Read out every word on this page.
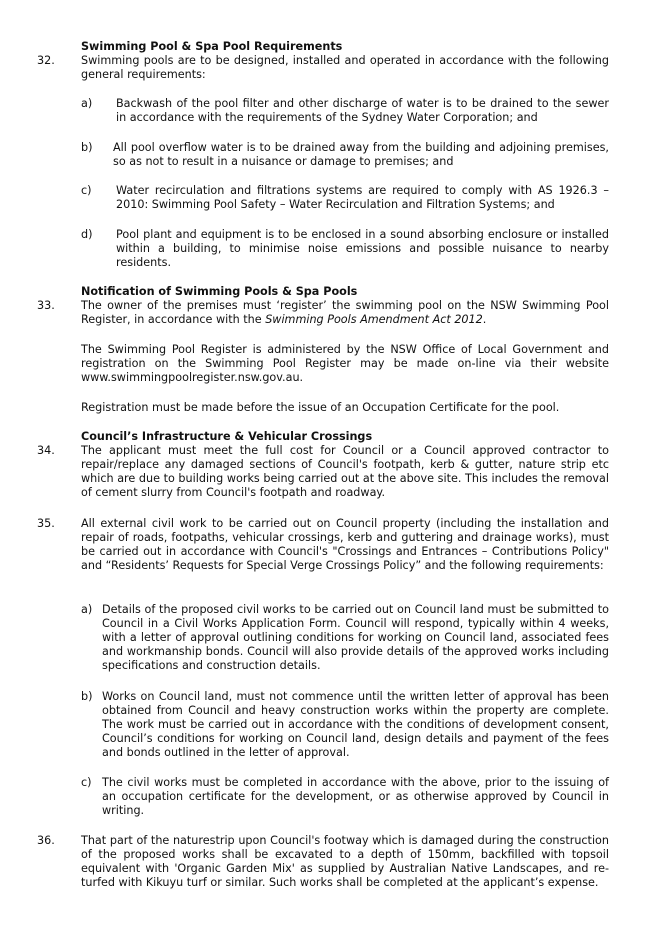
Swimming Pool & Spa Pool Requirements
32. Swimming pools are to be designed, installed and operated in accordance with the following general requirements:
a) Backwash of the pool filter and other discharge of water is to be drained to the sewer in accordance with the requirements of the Sydney Water Corporation; and
b) All pool overflow water is to be drained away from the building and adjoining premises, so as not to result in a nuisance or damage to premises; and
c) Water recirculation and filtrations systems are required to comply with AS 1926.3 – 2010: Swimming Pool Safety – Water Recirculation and Filtration Systems; and
d) Pool plant and equipment is to be enclosed in a sound absorbing enclosure or installed within a building, to minimise noise emissions and possible nuisance to nearby residents.
Notification of Swimming Pools & Spa Pools
33. The owner of the premises must ‘register’ the swimming pool on the NSW Swimming Pool Register, in accordance with the Swimming Pools Amendment Act 2012.
The Swimming Pool Register is administered by the NSW Office of Local Government and registration on the Swimming Pool Register may be made on-line via their website www.swimmingpoolregister.nsw.gov.au.
Registration must be made before the issue of an Occupation Certificate for the pool.
Council’s Infrastructure & Vehicular Crossings
34. The applicant must meet the full cost for Council or a Council approved contractor to repair/replace any damaged sections of Council's footpath, kerb & gutter, nature strip etc which are due to building works being carried out at the above site. This includes the removal of cement slurry from Council's footpath and roadway.
35. All external civil work to be carried out on Council property (including the installation and repair of roads, footpaths, vehicular crossings, kerb and guttering and drainage works), must be carried out in accordance with Council's "Crossings and Entrances – Contributions Policy" and “Residents’ Requests for Special Verge Crossings Policy” and the following requirements:
a) Details of the proposed civil works to be carried out on Council land must be submitted to Council in a Civil Works Application Form. Council will respond, typically within 4 weeks, with a letter of approval outlining conditions for working on Council land, associated fees and workmanship bonds. Council will also provide details of the approved works including specifications and construction details.
b) Works on Council land, must not commence until the written letter of approval has been obtained from Council and heavy construction works within the property are complete. The work must be carried out in accordance with the conditions of development consent, Council’s conditions for working on Council land, design details and payment of the fees and bonds outlined in the letter of approval.
c) The civil works must be completed in accordance with the above, prior to the issuing of an occupation certificate for the development, or as otherwise approved by Council in writing.
36. That part of the naturestrip upon Council's footway which is damaged during the construction of the proposed works shall be excavated to a depth of 150mm, backfilled with topsoil equivalent with 'Organic Garden Mix' as supplied by Australian Native Landscapes, and re-turfed with Kikuyu turf or similar. Such works shall be completed at the applicant’s expense.
